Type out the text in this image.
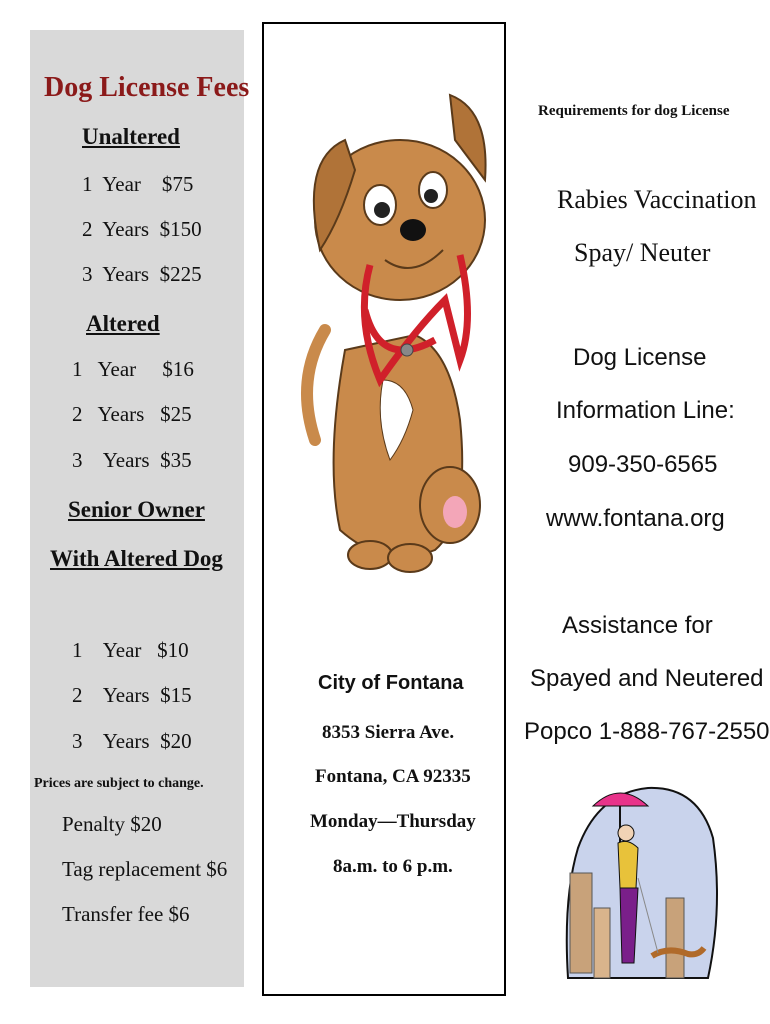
Dog License Fees
Unaltered
1  Year    $75
2  Years  $150
3  Years  $225
Altered
1   Year     $16
2   Years   $25
3    Years  $35
Senior Owner
With Altered Dog
1    Year   $10
2    Years  $15
3    Years  $20
Prices are subject to change.
Penalty $20
Tag replacement $6
Transfer fee $6
City of Fontana
8353 Sierra Ave.
Fontana, CA 92335
Monday—Thursday
8a.m. to 6 p.m.
Requirements for dog License
Rabies Vaccination
Spay/ Neuter
Dog License
Information Line:
909-350-6565
www.fontana.org
Assistance for
Spayed and Neutered
Popco 1-888-767-2550
